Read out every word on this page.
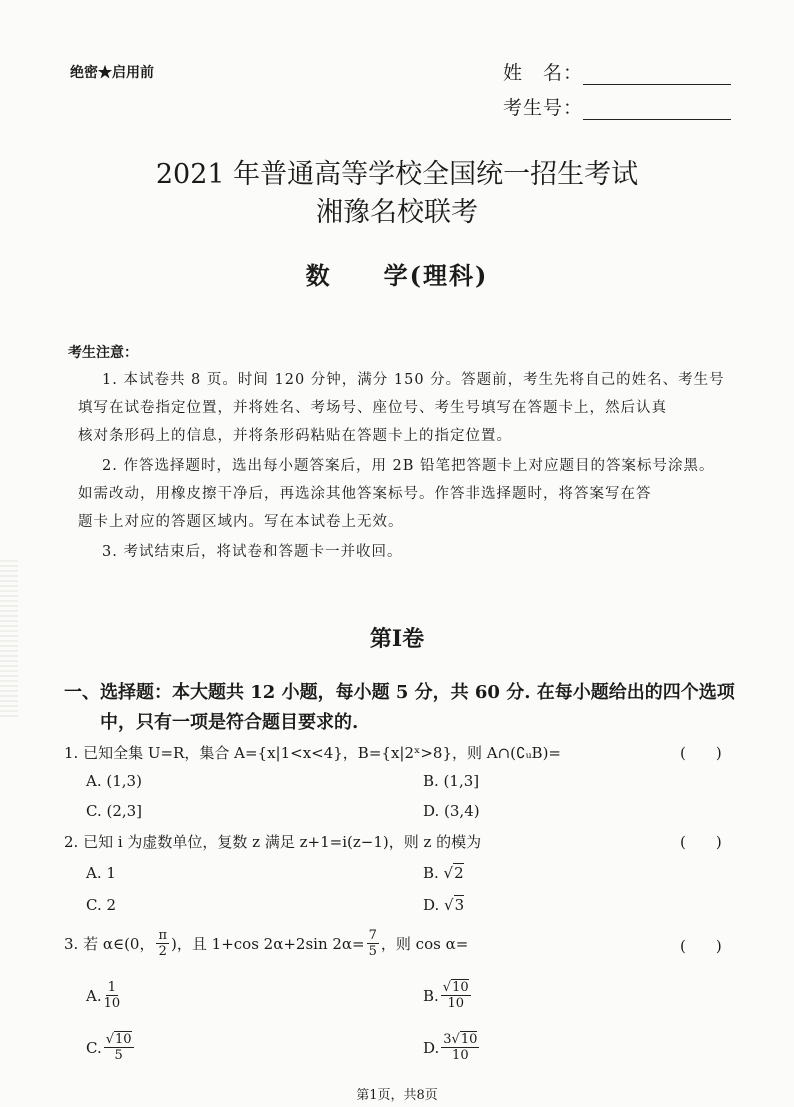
绝密★启用前	姓　名：
考生号：
2021 年普通高等学校全国统一招生考试
湘豫名校联考
数　　学(理科)
考生注意：
1. 本试卷共 8 页。时间 120 分钟，满分 150 分。答题前，考生先将自己的姓名、考生号
填写在试卷指定位置，并将姓名、考场号、座位号、考生号填写在答题卡上，然后认真
核对条形码上的信息，并将条形码粘贴在答题卡上的指定位置。
2. 作答选择题时，选出每小题答案后，用 2B 铅笔把答题卡上对应题目的答案标号涂黑。
如需改动，用橡皮擦干净后，再选涂其他答案标号。作答非选择题时，将答案写在答
题卡上对应的答题区域内。写在本试卷上无效。
3. 考试结束后，将试卷和答题卡一并收回。
第Ⅰ卷
一、选择题：本大题共 12 小题，每小题 5 分，共 60 分. 在每小题给出的四个选项
中，只有一项是符合题目要求的.
1. 已知全集 U=R，集合 A={x|1<x<4}，B={x|2ˣ>8}，则 A∩(∁ᵤB)=	(　　)
A. (1,3)	B. (1,3]
C. (2,3]	D. (3,4)
2. 已知 i 为虚数单位，复数 z 满足 z+1=i(z−1)，则 z 的模为	(　　)
A. 1	B. √2
C. 2	D. √3
3. 若 α∈(0， $\frac{\pi}{2}$ )，且 1+cos 2α+2sin $2\alpha= \frac{7}{5}$ ，则 cos α=	(　　)
A. $\frac{1}{10}$	B. $\frac{√10}{10}$
C. $\frac{√10}{5}$	D. $\frac{3√10}{10}$
第1页，共8页
